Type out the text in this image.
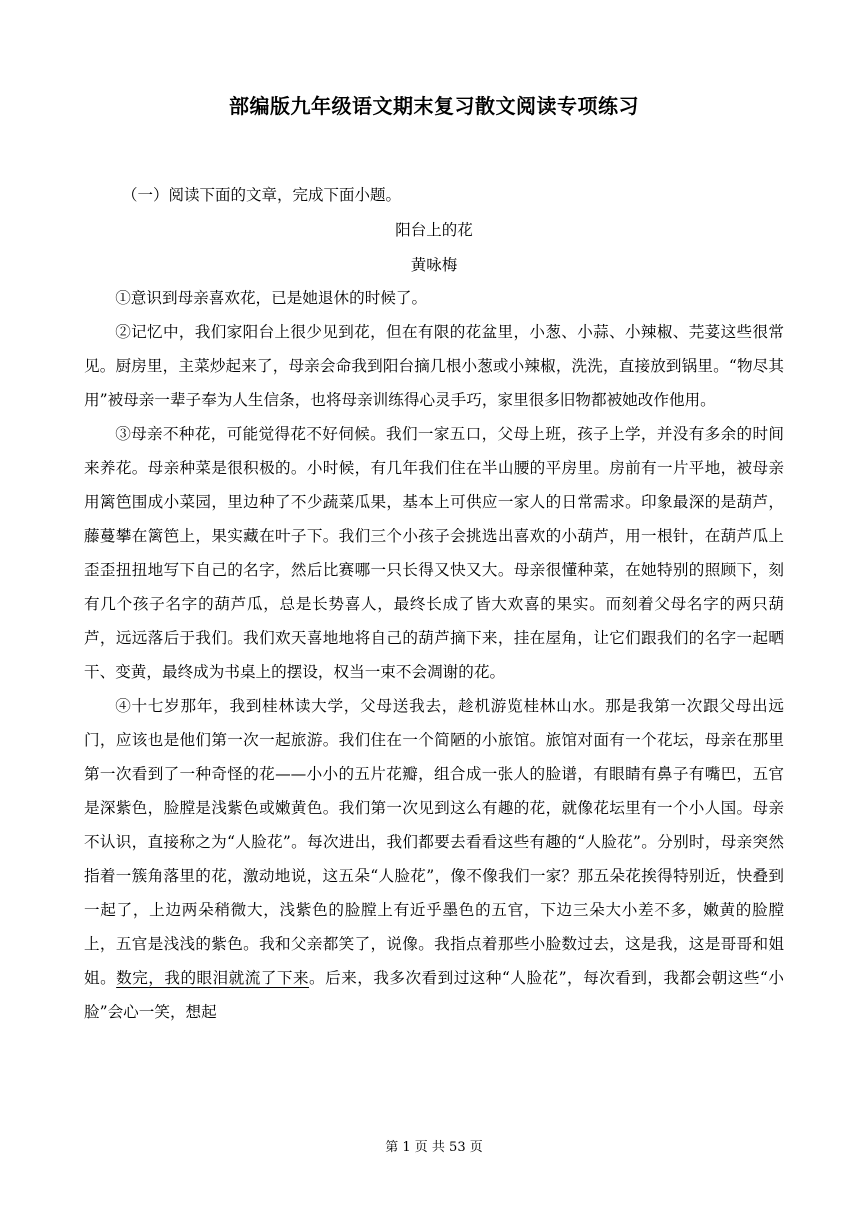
部编版九年级语文期末复习散文阅读专项练习
（一）阅读下面的文章，完成下面小题。
阳台上的花
黄咏梅

①意识到母亲喜欢花，已是她退休的时候了。

②记忆中，我们家阳台上很少见到花，但在有限的花盆里，小葱、小蒜、小辣椒、芫荽这些很常见。厨房里，主菜炒起来了，母亲会命我到阳台摘几根小葱或小辣椒，洗洗，直接放到锅里。“物尽其用”被母亲一辈子奉为人生信条，也将母亲训练得心灵手巧，家里很多旧物都被她改作他用。

③母亲不种花，可能觉得花不好伺候。我们一家五口，父母上班，孩子上学，并没有多余的时间来养花。母亲种菜是很积极的。小时候，有几年我们住在半山腰的平房里。房前有一片平地，被母亲用篱笆围成小菜园，里边种了不少蔬菜瓜果，基本上可供应一家人的日常需求。印象最深的是葫芦，藤蔓攀在篱笆上，果实藏在叶子下。我们三个小孩子会挑选出喜欢的小葫芦，用一根针，在葫芦瓜上歪歪扭扭地写下自己的名字，然后比赛哪一只长得又快又大。母亲很懂种菜，在她特别的照顾下，刻有几个孩子名字的葫芦瓜，总是长势喜人，最终长成了皆大欢喜的果实。而刻着父母名字的两只葫芦，远远落后于我们。我们欢天喜地地将自己的葫芦摘下来，挂在屋角，让它们跟我们的名字一起晒干、变黄，最终成为书桌上的摆设，权当一束不会凋谢的花。

④十七岁那年，我到桂林读大学，父母送我去，趁机游览桂林山水。那是我第一次跟父母出远门，应该也是他们第一次一起旅游。我们住在一个简陋的小旅馆。旅馆对面有一个花坛，母亲在那里第一次看到了一种奇怪的花——小小的五片花瓣，组合成一张人的脸谱，有眼睛有鼻子有嘴巴，五官是深紫色，脸膛是浅紫色或嫩黄色。我们第一次见到这么有趣的花，就像花坛里有一个小人国。母亲不认识，直接称之为“人脸花”。每次进出，我们都要去看看这些有趣的“人脸花”。分别时，母亲突然指着一簇角落里的花，激动地说，这五朵“人脸花”，像不像我们一家？那五朵花挨得特别近，快叠到一起了，上边两朵稍微大，浅紫色的脸膛上有近乎墨色的五官，下边三朵大小差不多，嫩黄的脸膛上，五官是浅浅的紫色。我和父亲都笑了，说像。我指点着那些小脸数过去，这是我，这是哥哥和姐姐。数完，我的眼泪就流了下来。后来，我多次看到过这种“人脸花”，每次看到，我都会朝这些“小脸”会心一笑，想起

第 1 页 共 53 页
